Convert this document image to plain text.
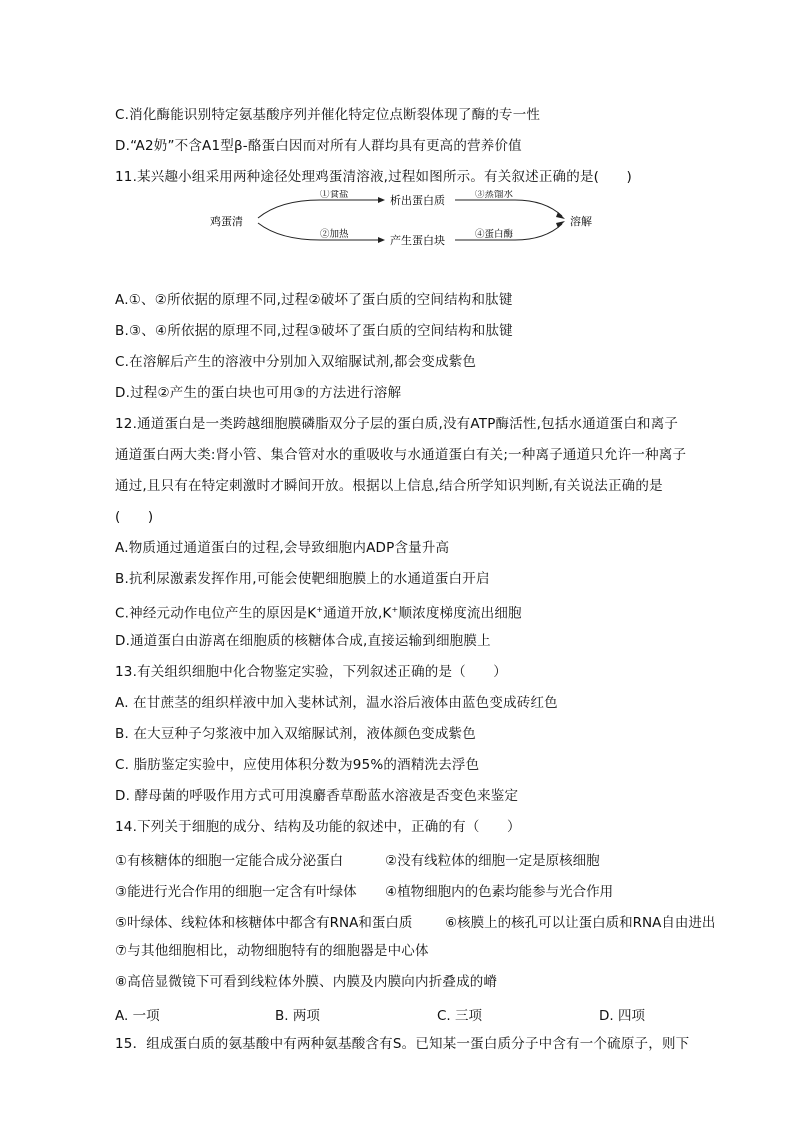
C.消化酶能识别特定氨基酸序列并催化特定位点断裂体现了酶的专一性
D.“A2奶”不含A1型β-酪蛋白因而对所有人群均具有更高的营养价值
11.某兴趣小组采用两种途径处理鸡蛋清溶液,过程如图所示。有关叙述正确的是(　　)
鸡蛋清
①食盐
②加热
析出蛋白质
产生蛋白块
③蒸馏水
④蛋白酶
溶解
A.①、②所依据的原理不同,过程②破坏了蛋白质的空间结构和肽键
B.③、④所依据的原理不同,过程③破坏了蛋白质的空间结构和肽键
C.在溶解后产生的溶液中分别加入双缩脲试剂,都会变成紫色
D.过程②产生的蛋白块也可用③的方法进行溶解
12.通道蛋白是一类跨越细胞膜磷脂双分子层的蛋白质,没有ATP酶活性,包括水通道蛋白和离子
通道蛋白两大类:肾小管、集合管对水的重吸收与水通道蛋白有关;一种离子通道只允许一种离子
通过,且只有在特定刺激时才瞬间开放。根据以上信息,结合所学知识判断,有关说法正确的是
(　　)
A.物质通过通道蛋白的过程,会导致细胞内ADP含量升高
B.抗利尿激素发挥作用,可能会使靶细胞膜上的水通道蛋白开启
C.神经元动作电位产生的原因是K+通道开放,K+顺浓度梯度流出细胞
D.通道蛋白由游离在细胞质的核糖体合成,直接运输到细胞膜上
13.有关组织细胞中化合物鉴定实验，下列叙述正确的是（　　）
A. 在甘蔗茎的组织样液中加入斐林试剂，温水浴后液体由蓝色变成砖红色
B. 在大豆种子匀浆液中加入双缩脲试剂，液体颜色变成紫色
C. 脂肪鉴定实验中，应使用体积分数为95%的酒精洗去浮色
D. 酵母菌的呼吸作用方式可用溴麝香草酚蓝水溶液是否变色来鉴定
14.下列关于细胞的成分、结构及功能的叙述中，正确的有（　　）
①有核糖体的细胞一定能合成分泌蛋白	②没有线粒体的细胞一定是原核细胞
③能进行光合作用的细胞一定含有叶绿体 ④植物细胞内的色素均能参与光合作用
⑤叶绿体、线粒体和核糖体中都含有RNA和蛋白质 ⑥核膜上的核孔可以让蛋白质和RNA自由进出
⑦与其他细胞相比，动物细胞特有的细胞器是中心体
⑧高倍显微镜下可看到线粒体外膜、内膜及内膜向内折叠成的嵴
A. 一项	B. 两项	C. 三项	D. 四项
15．组成蛋白质的氨基酸中有两种氨基酸含有S。已知某一蛋白质分子中含有一个硫原子，则下
